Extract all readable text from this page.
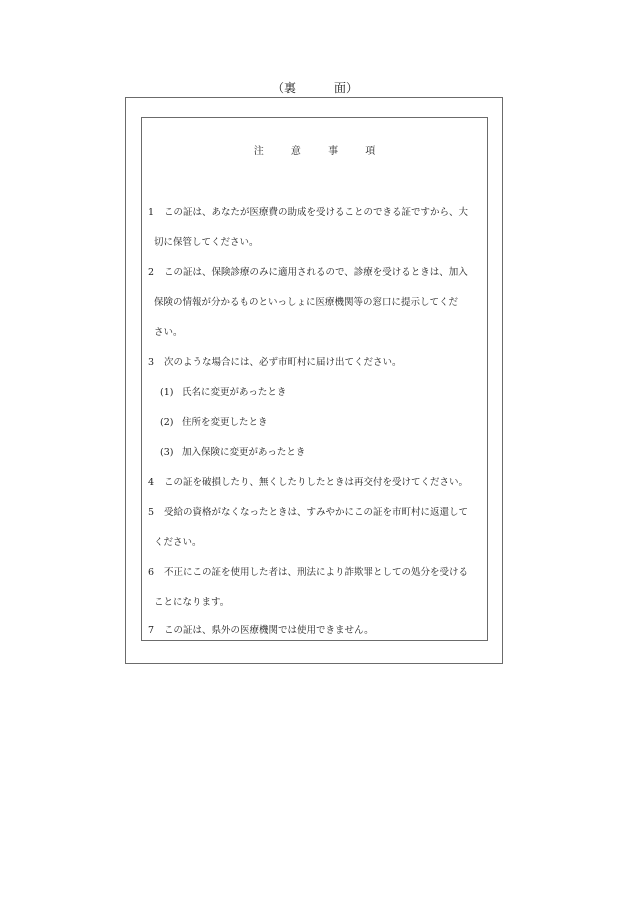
（裏	面）
注	意	事	項
1 この証は、あなたが医療費の助成を受けることのできる証ですから、大
切に保管してください。
2 この証は、保険診療のみに適用されるので、診療を受けるときは、加入
保険の情報が分かるものといっしょに医療機関等の窓口に提示してくだ
さい。
3 次のような場合には、必ず市町村に届け出てください。
(1) 氏名に変更があったとき
(2) 住所を変更したとき
(3) 加入保険に変更があったとき
4 この証を破損したり、無くしたりしたときは再交付を受けてください。
5 受給の資格がなくなったときは、すみやかにこの証を市町村に返還して
ください。
6 不正にこの証を使用した者は、刑法により詐欺罪としての処分を受ける
ことになります。
7 この証は、県外の医療機関では使用できません。
